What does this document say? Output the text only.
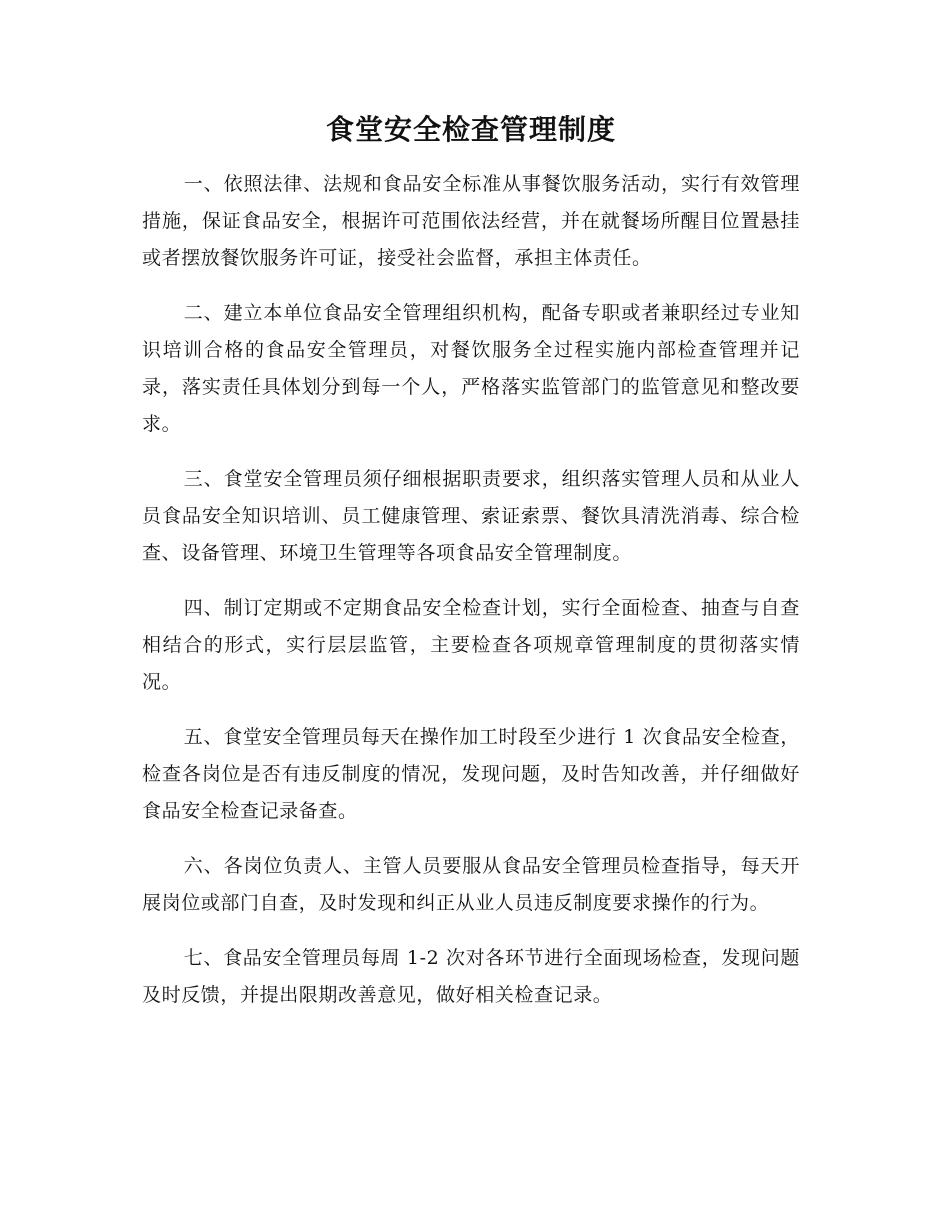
食堂安全检查管理制度

一、依照法律、法规和食品安全标准从事餐饮服务活动，实行有效管理措施，保证食品安全，根据许可范围依法经营，并在就餐场所醒目位置悬挂或者摆放餐饮服务许可证，接受社会监督，承担主体责任。

二、建立本单位食品安全管理组织机构，配备专职或者兼职经过专业知识培训合格的食品安全管理员，对餐饮服务全过程实施内部检查管理并记录，落实责任具体划分到每一个人，严格落实监管部门的监管意见和整改要求。

三、食堂安全管理员须仔细根据职责要求，组织落实管理人员和从业人员食品安全知识培训、员工健康管理、索证索票、餐饮具清洗消毒、综合检查、设备管理、环境卫生管理等各项食品安全管理制度。

四、制订定期或不定期食品安全检查计划，实行全面检查、抽查与自查相结合的形式，实行层层监管，主要检查各项规章管理制度的贯彻落实情况。

五、食堂安全管理员每天在操作加工时段至少进行 1 次食品安全检查，检查各岗位是否有违反制度的情况，发现问题，及时告知改善，并仔细做好食品安全检查记录备查。

六、各岗位负责人、主管人员要服从食品安全管理员检查指导，每天开展岗位或部门自查，及时发现和纠正从业人员违反制度要求操作的行为。

七、食品安全管理员每周 1-2 次对各环节进行全面现场检查，发现问题及时反馈，并提出限期改善意见，做好相关检查记录。
